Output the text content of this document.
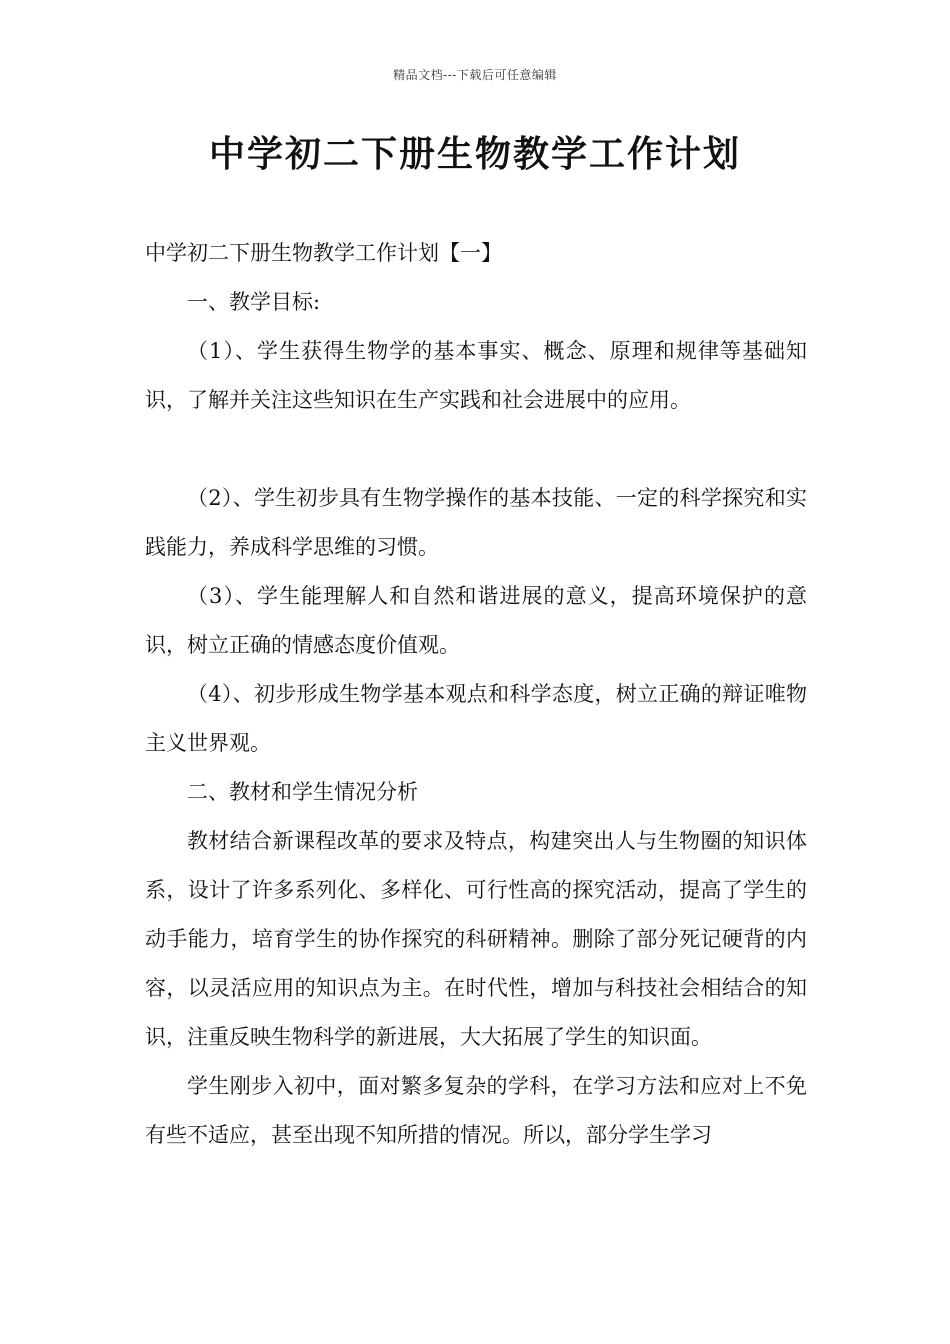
精品文档---下载后可任意编辑
中学初二下册生物教学工作计划

中学初二下册生物教学工作计划【一】

一、教学目标:

（1）、学生获得生物学的基本事实、概念、原理和规律等基础知识，了解并关注这些知识在生产实践和社会进展中的应用。

（2）、学生初步具有生物学操作的基本技能、一定的科学探究和实践能力，养成科学思维的习惯。

（3）、学生能理解人和自然和谐进展的意义，提高环境保护的意识，树立正确的情感态度价值观。

（4）、初步形成生物学基本观点和科学态度，树立正确的辩证唯物主义世界观。

二、教材和学生情况分析

教材结合新课程改革的要求及特点，构建突出人与生物圈的知识体系，设计了许多系列化、多样化、可行性高的探究活动，提高了学生的动手能力，培育学生的协作探究的科研精神。删除了部分死记硬背的内容，以灵活应用的知识点为主。在时代性，增加与科技社会相结合的知识，注重反映生物科学的新进展，大大拓展了学生的知识面。

学生刚步入初中，面对繁多复杂的学科，在学习方法和应对上不免有些不适应，甚至出现不知所措的情况。所以，部分学生学习
